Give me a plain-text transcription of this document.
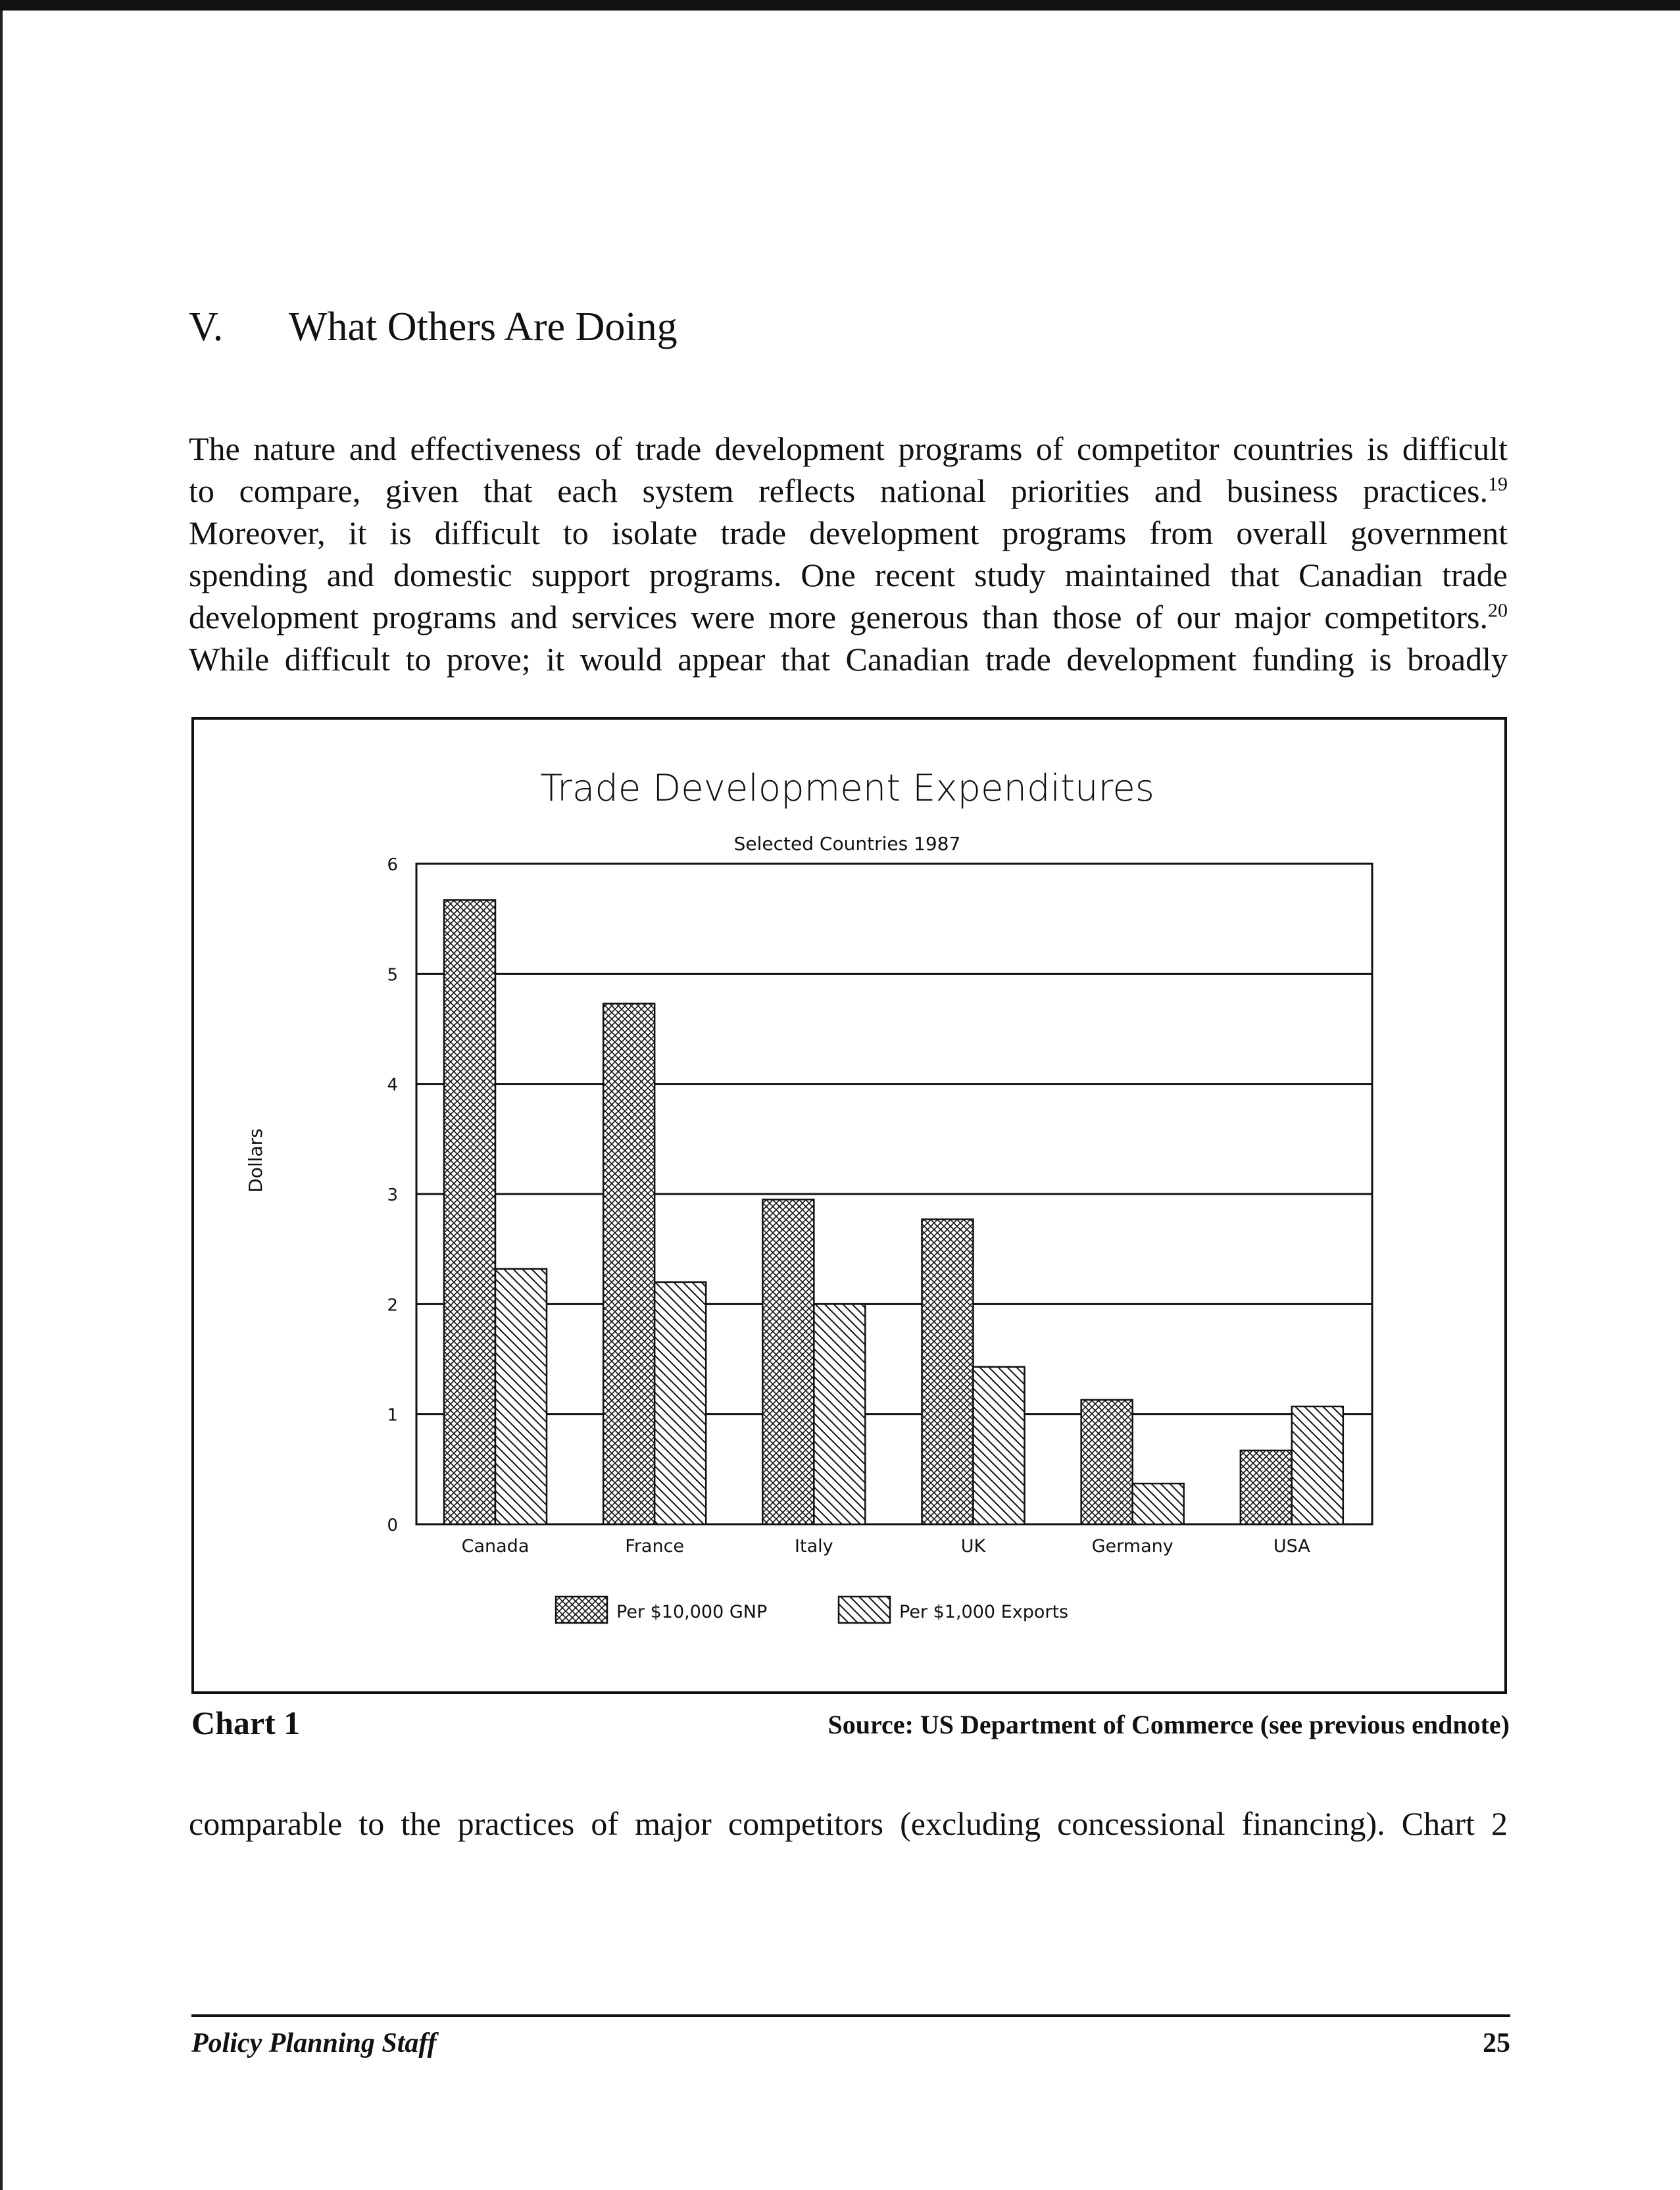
V. What Others Are Doing

The nature and effectiveness of trade development programs of competitor countries is difficult
to compare, given that each system reflects national priorities and business practices.$^{19}$
Moreover, it is difficult to isolate trade development programs from overall government
spending and domestic support programs. One recent study maintained that Canadian trade
development programs and services were more generous than those of our major competitors.$^{20}$
While difficult to prove; it would appear that Canadian trade development funding is broadly

Trade Development Expenditures
Selected Countries 1987
Dollars
0
1
2
3
4
5
6
Canada	France	Italy	UK	Germany	USA
Per $10,000 GNP	Per $1,000 Exports

Chart 1	Source: US Department of Commerce (see previous endnote)

comparable to the practices of major competitors (excluding concessional financing). Chart 2

Policy Planning Staff	25
